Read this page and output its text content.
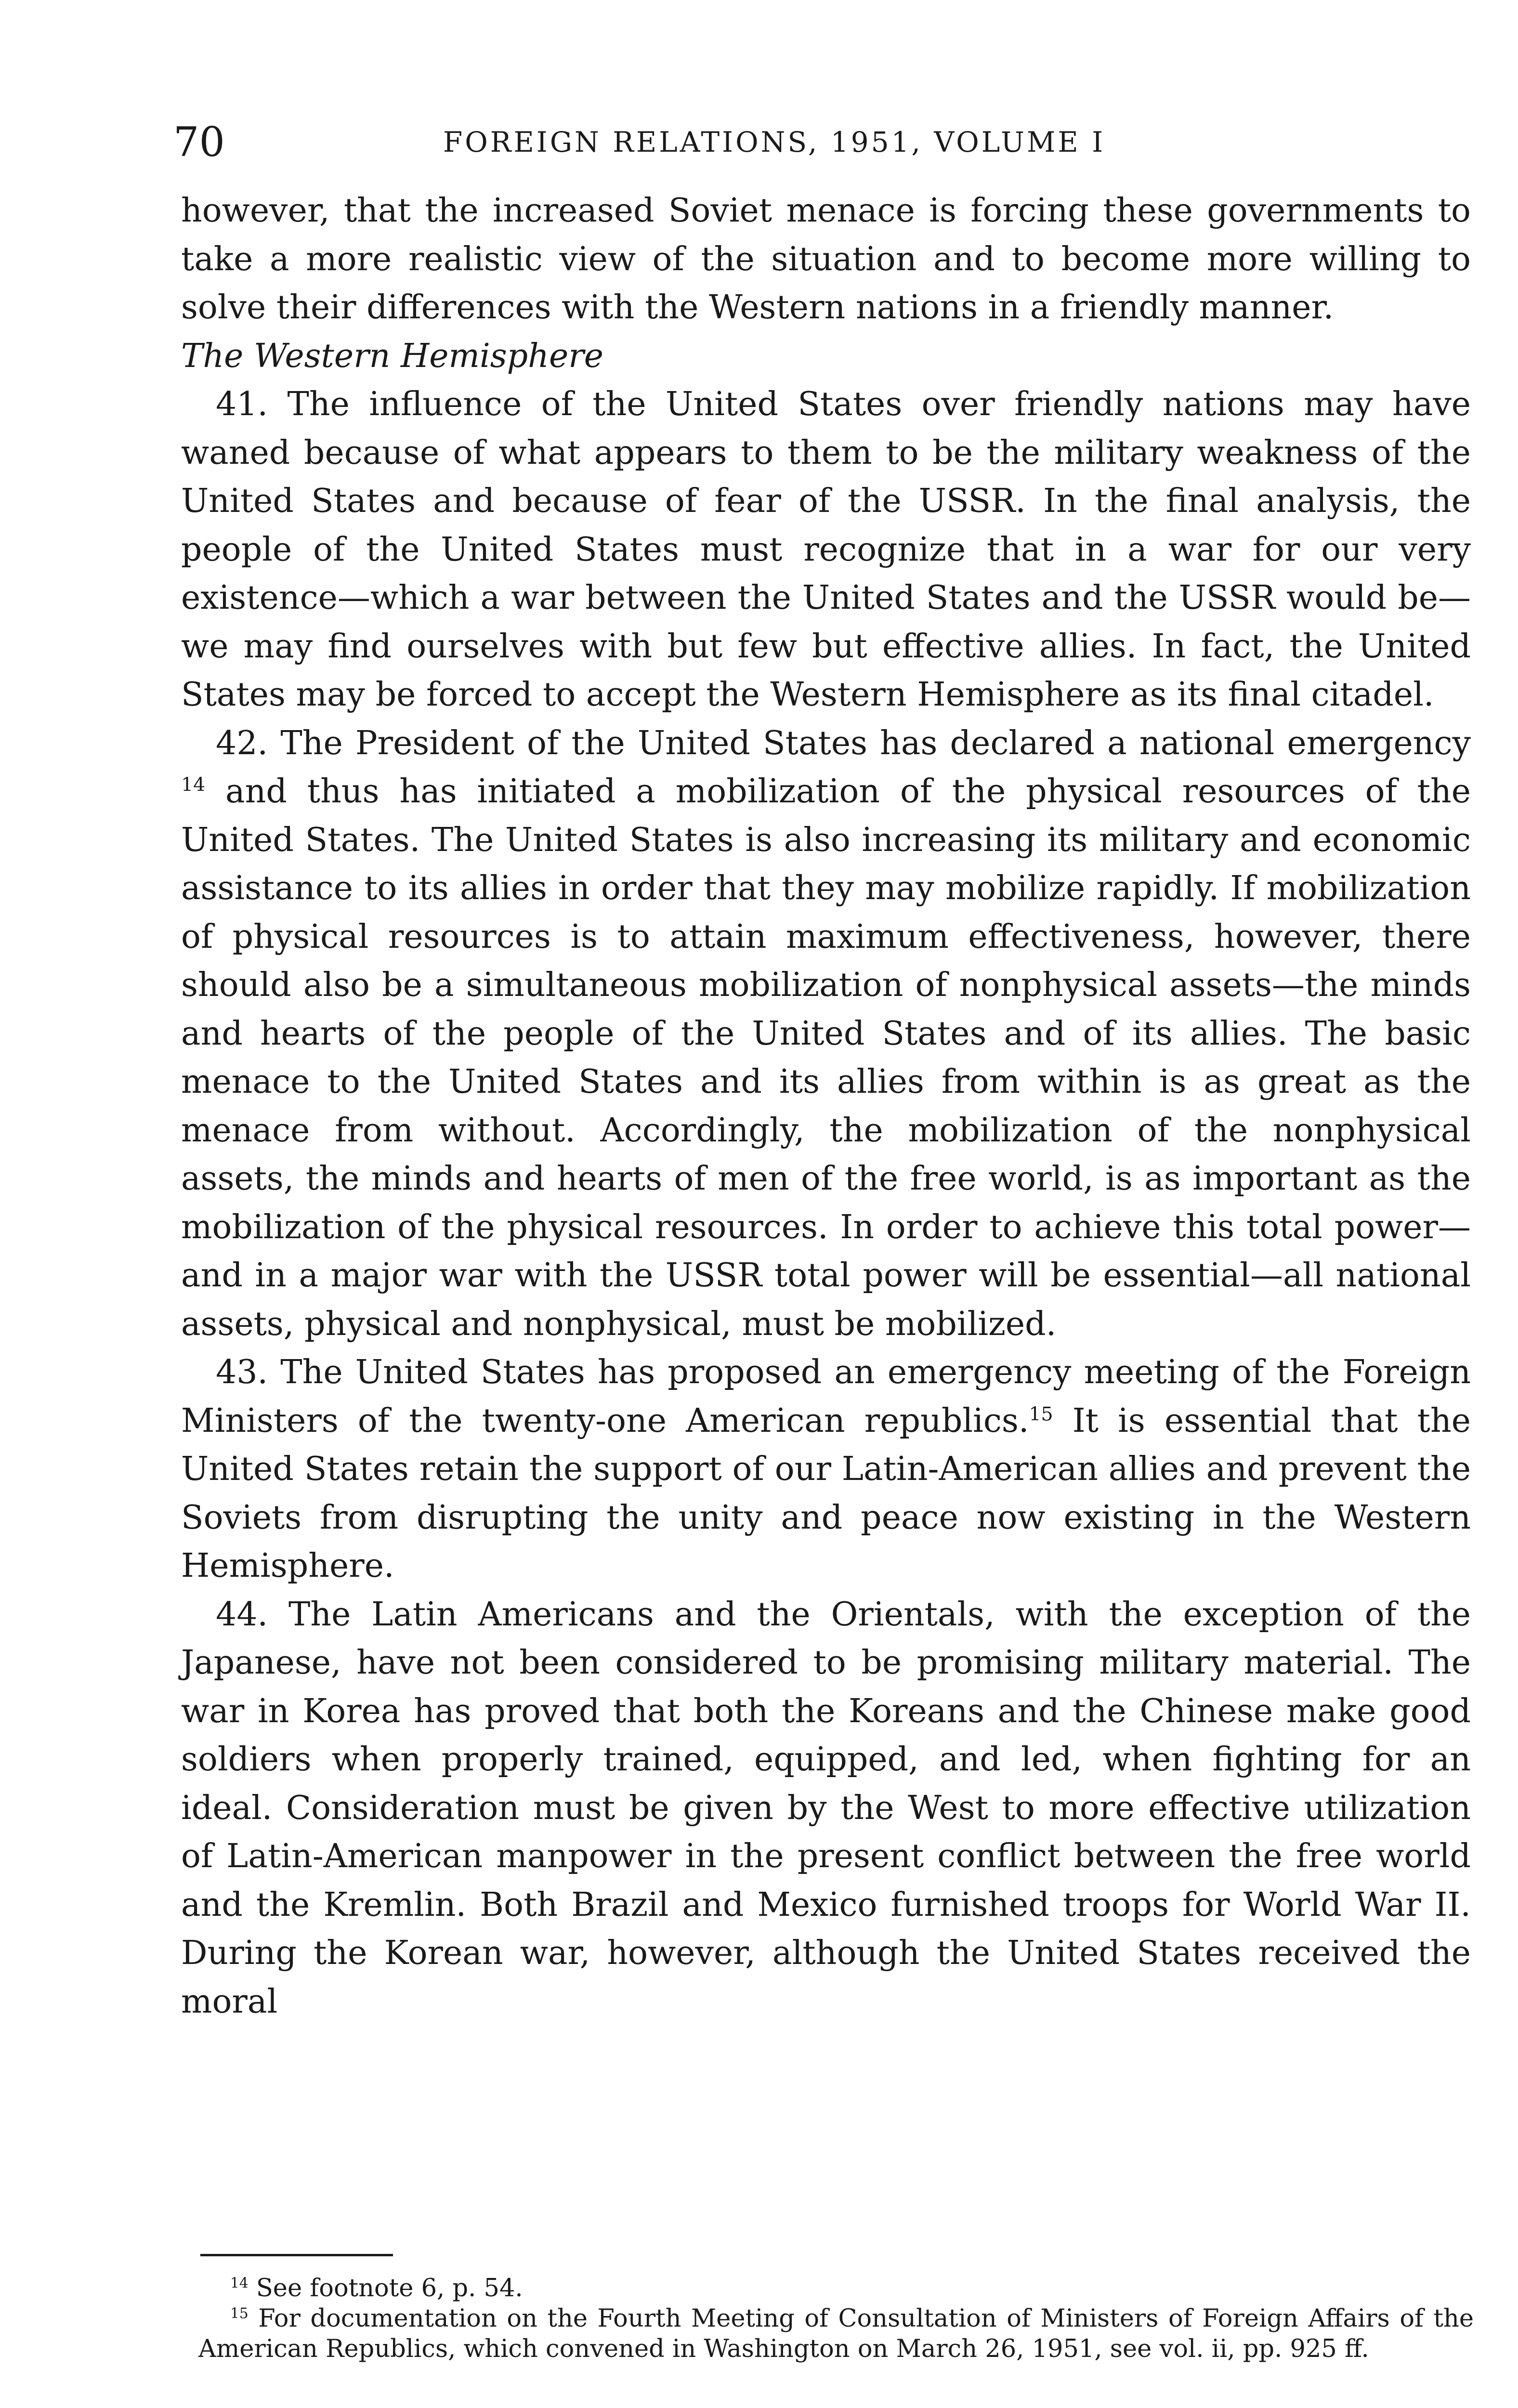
70	FOREIGN RELATIONS, 1951, VOLUME I

however, that the increased Soviet menace is forcing these governments to take a more realistic view of the situation and to become more willing to solve their differences with the Western nations in a friendly manner.

The Western Hemisphere

41. The influence of the United States over friendly nations may have waned because of what appears to them to be the military weakness of the United States and because of fear of the USSR. In the final analysis, the people of the United States must recognize that in a war for our very existence—which a war between the United States and the USSR would be—we may find ourselves with but few but effective allies. In fact, the United States may be forced to accept the Western Hemisphere as its final citadel.

42. The President of the United States has declared a national emergency $^{14}$ and thus has initiated a mobilization of the physical resources of the United States. The United States is also increasing its military and economic assistance to its allies in order that they may mobilize rapidly. If mobilization of physical resources is to attain maximum effectiveness, however, there should also be a simultaneous mobilization of nonphysical assets—the minds and hearts of the people of the United States and of its allies. The basic menace to the United States and its allies from within is as great as the menace from without. Accordingly, the mobilization of the nonphysical assets, the minds and hearts of men of the free world, is as important as the mobilization of the physical resources. In order to achieve this total power—and in a major war with the USSR total power will be essential—all national assets, physical and nonphysical, must be mobilized.

43. The United States has proposed an emergency meeting of the Foreign Ministers of the twenty-one American republics.$^{15}$ It is essential that the United States retain the support of our Latin-American allies and prevent the Soviets from disrupting the unity and peace now existing in the Western Hemisphere.

44. The Latin Americans and the Orientals, with the exception of the Japanese, have not been considered to be promising military material. The war in Korea has proved that both the Koreans and the Chinese make good soldiers when properly trained, equipped, and led, when fighting for an ideal. Consideration must be given by the West to more effective utilization of Latin-American manpower in the present conflict between the free world and the Kremlin. Both Brazil and Mexico furnished troops for World War II. During the Korean war, however, although the United States received the moral

$^{14}$ See footnote 6, p. 54.

$^{15}$ For documentation on the Fourth Meeting of Consultation of Ministers of Foreign Affairs of the American Republics, which convened in Washington on March 26, 1951, see vol. ii, pp. 925 ff.
